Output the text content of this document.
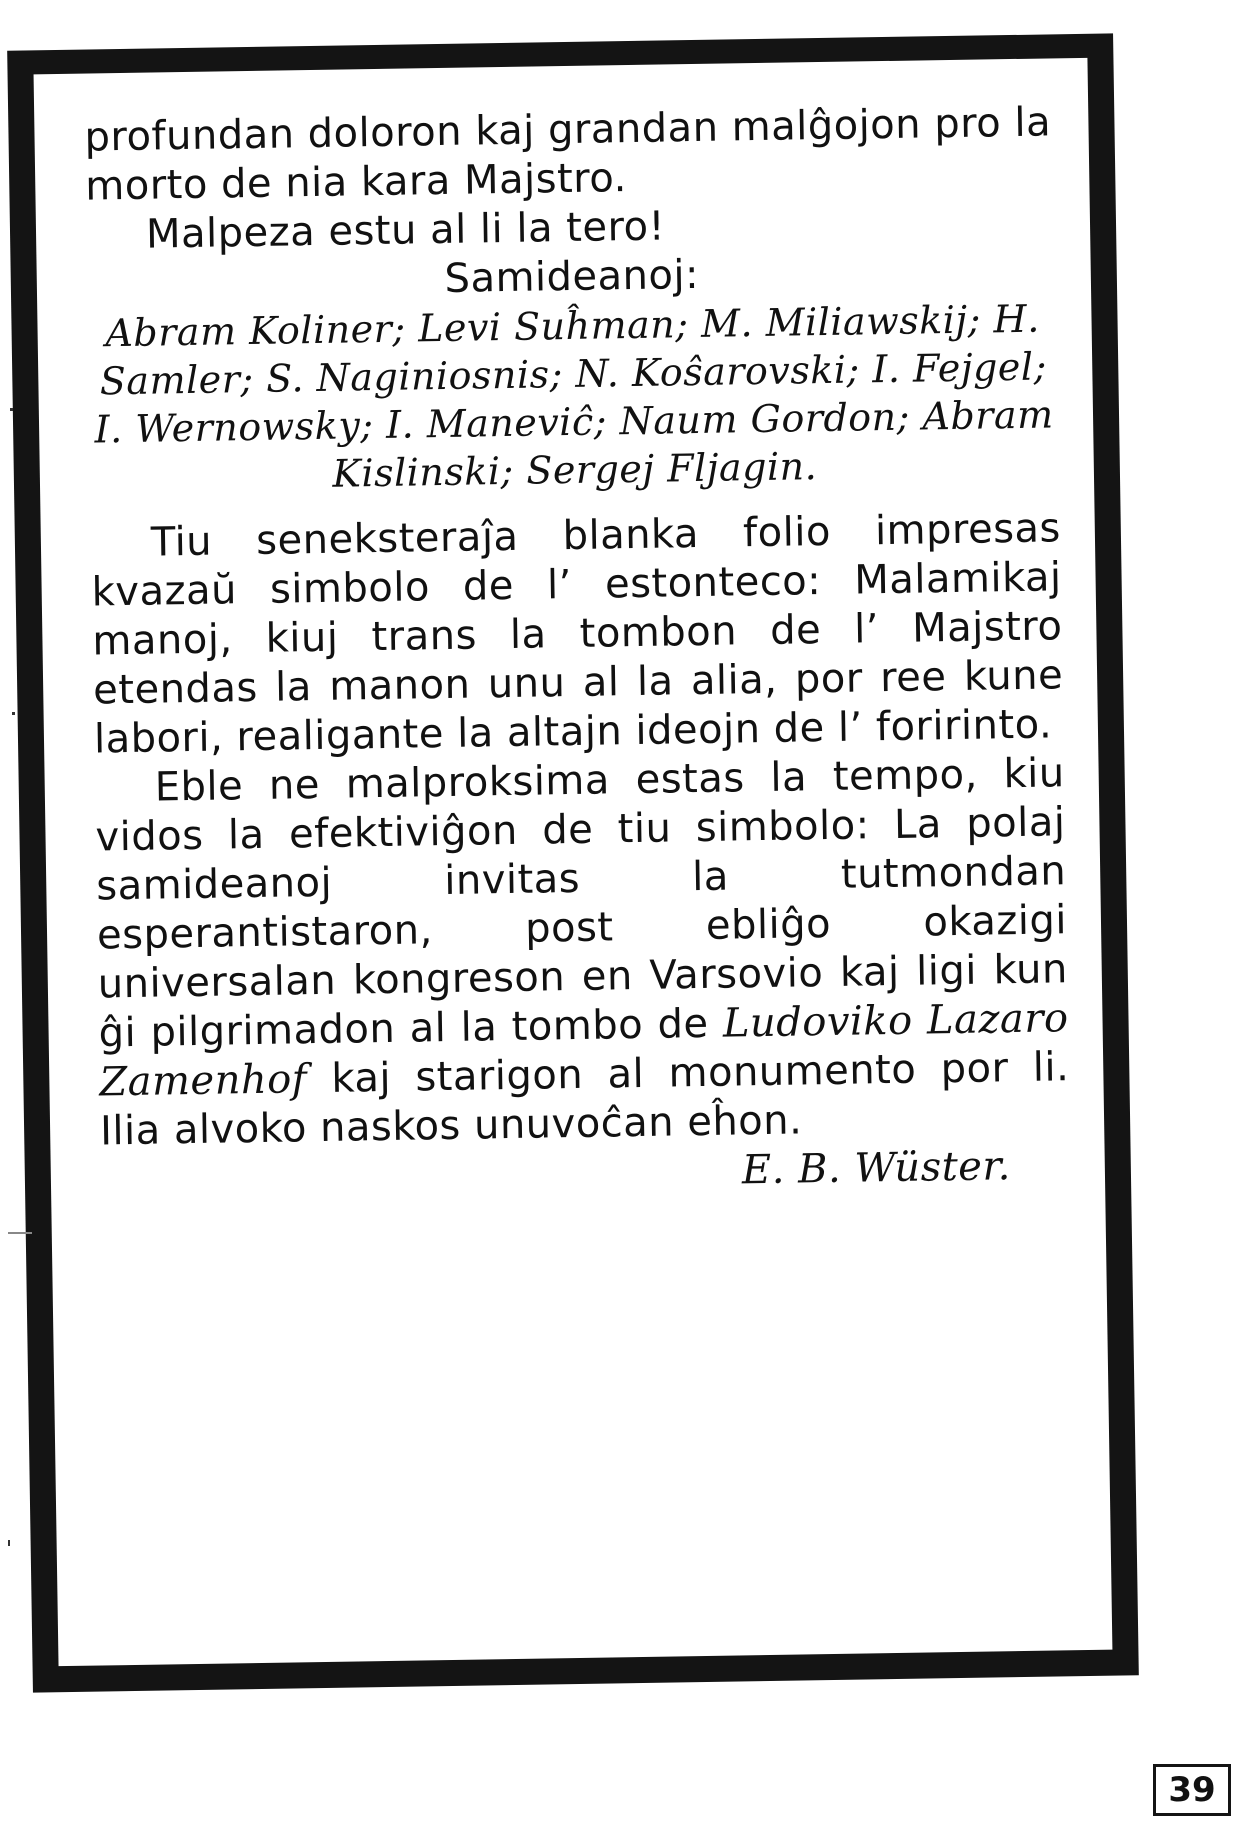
profundan doloron kaj grandan malĝojon pro la

morto de nia kara Majstro.

Malpeza estu al li la tero!

Samideanoj:

Abram Koliner; Levi Suĥman; M. Miliawskij; H. Samler; S. Naginiosnis; N. Koŝarovski; I. Fejgel; I. Wernowsky; I. Maneviĉ; Naum Gordon; Abram Kislinski; Sergej Fljagin.

Tiu seneksteraĵa blanka folio impresas kvazaŭ simbolo de l’ estonteco: Malamikaj manoj, kiuj trans la tombon de l’ Majstro etendas la manon unu al la alia, por ree kune labori, realigante la altajn ideojn de l’ foririnto.

Eble ne malproksima estas la tempo, kiu vidos la efektiviĝon de tiu simbolo: La polaj samideanoj invitas la tutmondan esperantistaron, post ebliĝo okazigi universalan kongreson en Varsovio kaj ligi kun ĝi pilgrimadon al la tombo de Ludoviko Lazaro Zamenhof kaj starigon al monumento por li. Ilia alvoko naskos unuvoĉan eĥon.

E. B. Wüster.

39
